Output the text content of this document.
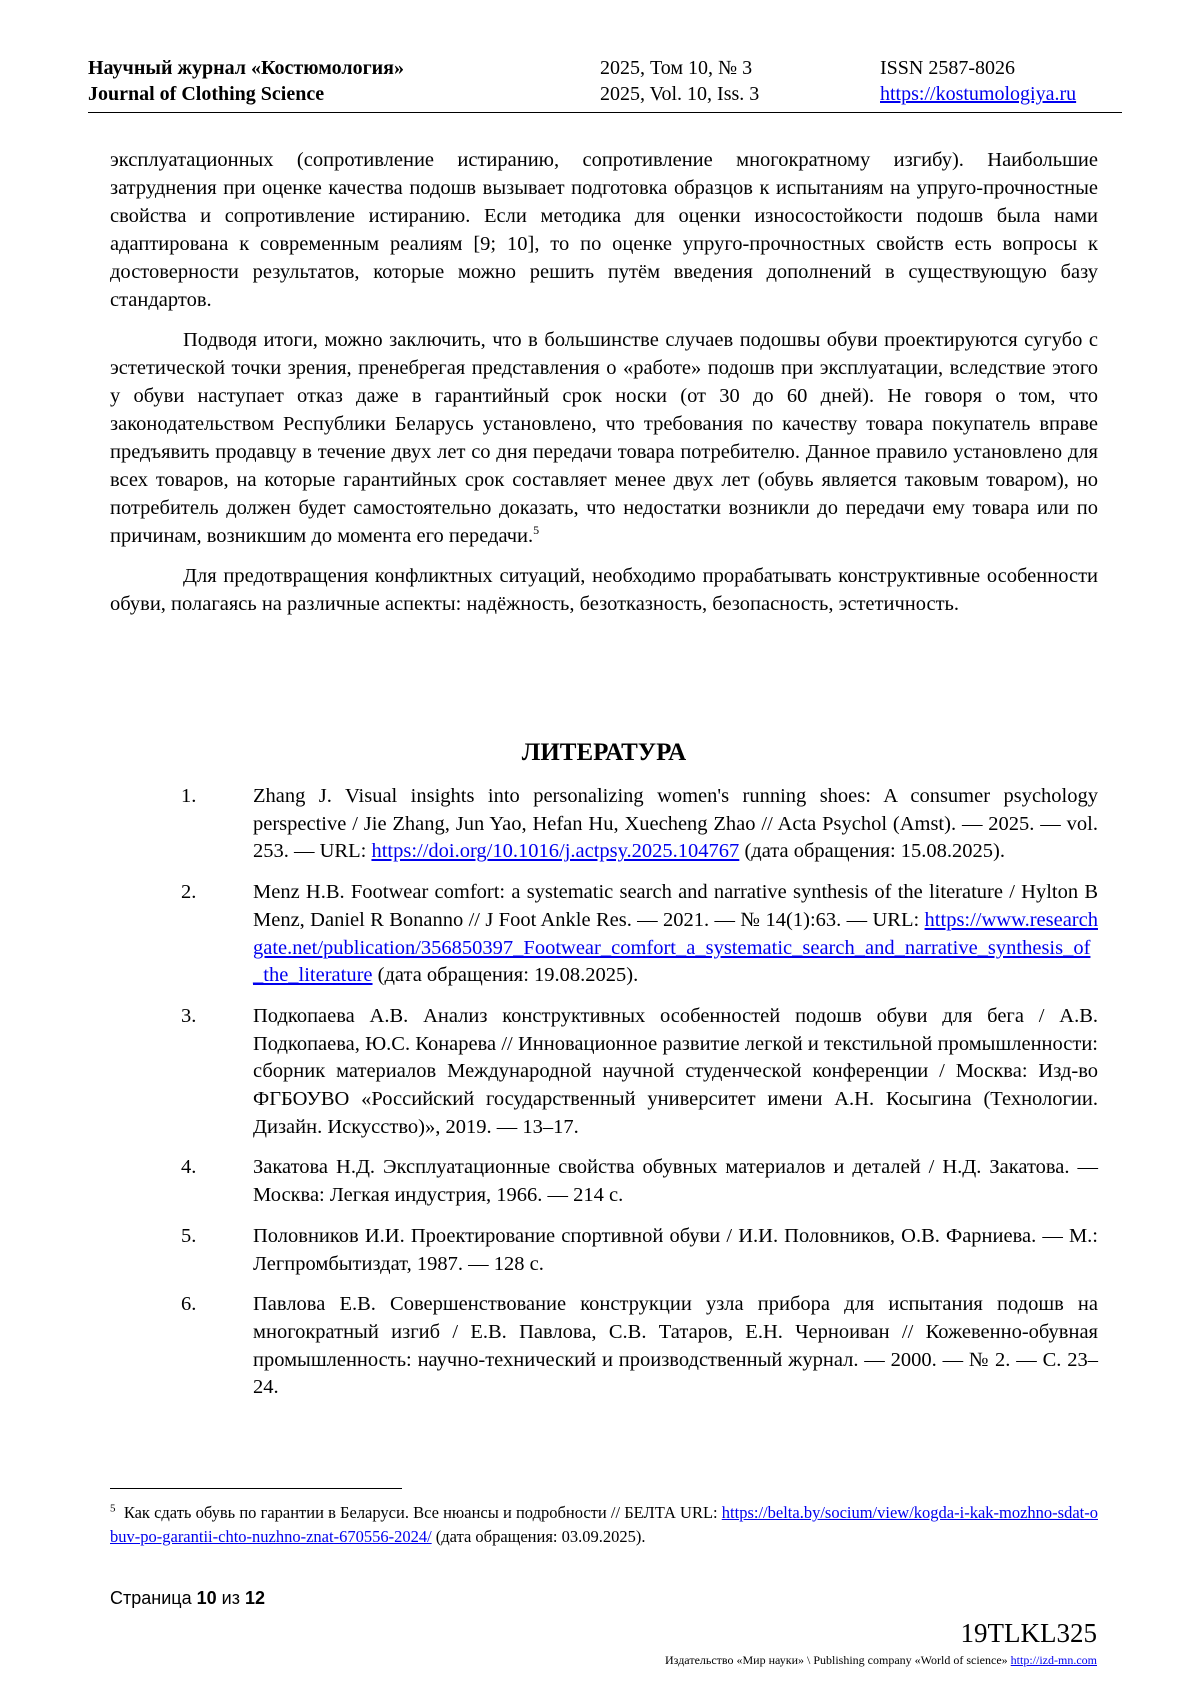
Научный журнал «Костюмология»
Journal of Clothing Science
2025, Том 10, № 3
2025, Vol. 10, Iss. 3
ISSN 2587-8026
https://kostumologiya.ru

эксплуатационных (сопротивление истиранию, сопротивление многократному изгибу). Наибольшие затруднения при оценке качества подошв вызывает подготовка образцов к испытаниям на упруго-прочностные свойства и сопротивление истиранию. Если методика для оценки износостойкости подошв была нами адаптирована к современным реалиям [9; 10], то по оценке упруго-прочностных свойств есть вопросы к достоверности результатов, которые можно решить путём введения дополнений в существующую базу стандартов.

Подводя итоги, можно заключить, что в большинстве случаев подошвы обуви проектируются сугубо с эстетической точки зрения, пренебрегая представления о «работе» подошв при эксплуатации, вследствие этого у обуви наступает отказ даже в гарантийный срок носки (от 30 до 60 дней). Не говоря о том, что законодательством Республики Беларусь установлено, что требования по качеству товара покупатель вправе предъявить продавцу в течение двух лет со дня передачи товара потребителю. Данное правило установлено для всех товаров, на которые гарантийных срок составляет менее двух лет (обувь является таковым товаром), но потребитель должен будет самостоятельно доказать, что недостатки возникли до передачи ему товара или по причинам, возникшим до момента его передачи.$^5$

Для предотвращения конфликтных ситуаций, необходимо прорабатывать конструктивные особенности обуви, полагаясь на различные аспекты: надёжность, безотказность, безопасность, эстетичность.

ЛИТЕРАТУРА
1.	Zhang J. Visual insights into personalizing women's running shoes: A consumer psychology perspective / Jie Zhang, Jun Yao, Hefan Hu, Xuecheng Zhao // Acta Psychol (Amst). — 2025. — vol. 253. — URL: https://doi.org/10.1016/j.actpsy.2025.104767 (дата обращения: 15.08.2025).
2.	Menz H.B. Footwear comfort: a systematic search and narrative synthesis of the literature / Hylton B Menz, Daniel R Bonanno // J Foot Ankle Res. — 2021. — № 14(1):63. — URL: https://www.researchgate.net/publication/356850397_Footwear_comfort_a_systematic_search_and_narrative_synthesis_of_the_literature (дата обращения: 19.08.2025).
3.	Подкопаева А.В. Анализ конструктивных особенностей подошв обуви для бега / А.В. Подкопаева, Ю.С. Конарева // Инновационное развитие легкой и текстильной промышленности: сборник материалов Международной научной студенческой конференции / Москва: Изд-во ФГБОУВО «Российский государственный университет имени А.Н. Косыгина (Технологии. Дизайн. Искусство)», 2019. — 13–17.
4.	Закатова Н.Д. Эксплуатационные свойства обувных материалов и деталей / Н.Д. Закатова. — Москва: Легкая индустрия, 1966. — 214 с.
5.	Половников И.И. Проектирование спортивной обуви / И.И. Половников, О.В. Фарниева. — М.: Легпромбытиздат, 1987. — 128 с.
6.	Павлова Е.В. Совершенствование конструкции узла прибора для испытания подошв на многократный изгиб / Е.В. Павлова, С.В. Татаров, Е.Н. Черноиван // Кожевенно-обувная промышленность: научно-технический и производственный журнал. — 2000. — № 2. — С. 23–24.
$^5$ Как сдать обувь по гарантии в Беларуси. Все нюансы и подробности // БЕЛТА URL: https://belta.by/socium/view/kogda-i-kak-mozhno-sdat-obuv-po-garantii-chto-nuzhno-znat-670556-2024/ (дата обращения: 03.09.2025).
Страница 10 из 12
19TLKL325
Издательство «Мир науки» \ Publishing company «World of science» http://izd-mn.com
